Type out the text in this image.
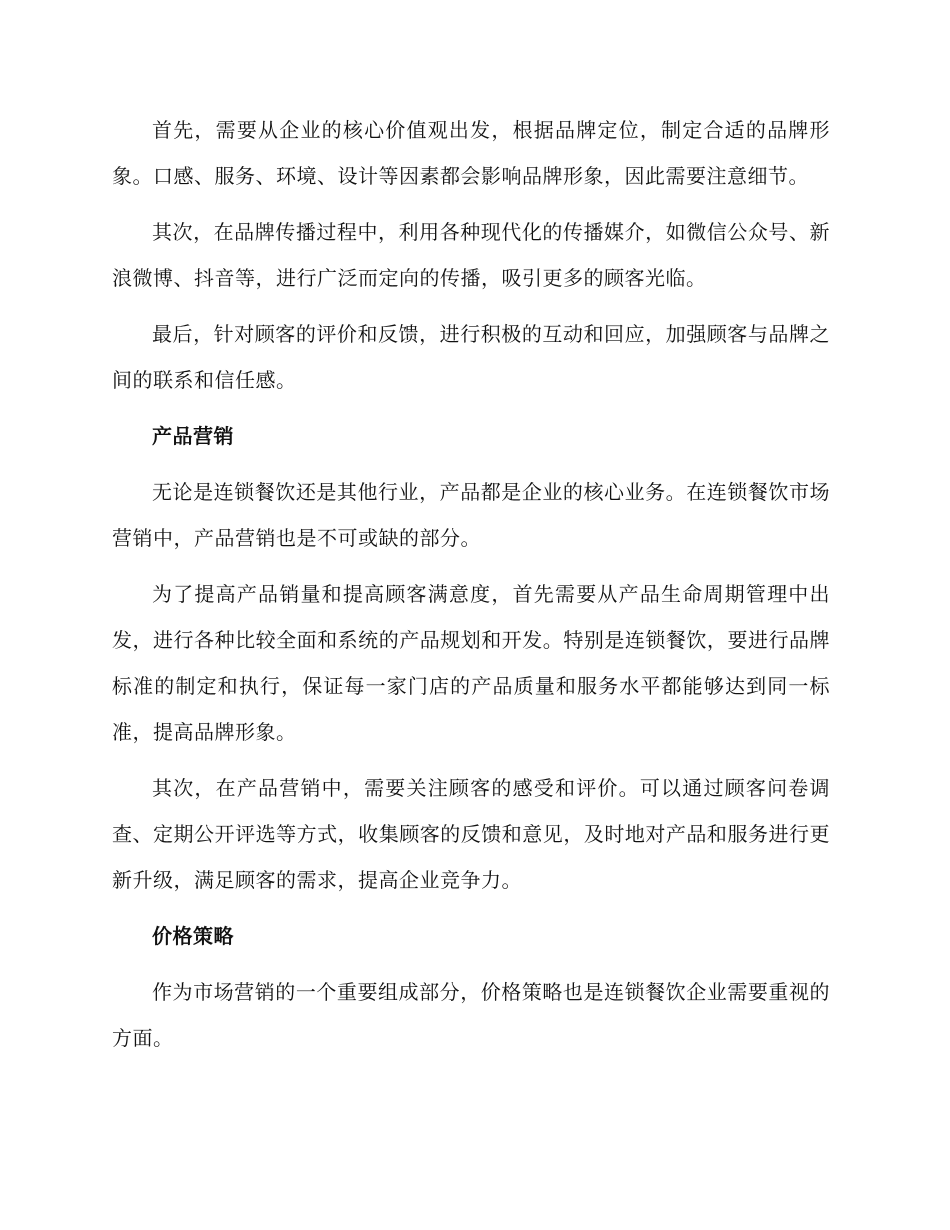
首先，需要从企业的核心价值观出发，根据品牌定位，制定合适的品牌形象。口感、服务、环境、设计等因素都会影响品牌形象，因此需要注意细节。

其次，在品牌传播过程中，利用各种现代化的传播媒介，如微信公众号、新浪微博、抖音等，进行广泛而定向的传播，吸引更多的顾客光临。

最后，针对顾客的评价和反馈，进行积极的互动和回应，加强顾客与品牌之间的联系和信任感。

产品营销

无论是连锁餐饮还是其他行业，产品都是企业的核心业务。在连锁餐饮市场营销中，产品营销也是不可或缺的部分。

为了提高产品销量和提高顾客满意度，首先需要从产品生命周期管理中出发，进行各种比较全面和系统的产品规划和开发。特别是连锁餐饮，要进行品牌标准的制定和执行，保证每一家门店的产品质量和服务水平都能够达到同一标准，提高品牌形象。

其次，在产品营销中，需要关注顾客的感受和评价。可以通过顾客问卷调查、定期公开评选等方式，收集顾客的反馈和意见，及时地对产品和服务进行更新升级，满足顾客的需求，提高企业竞争力。

价格策略

作为市场营销的一个重要组成部分，价格策略也是连锁餐饮企业需要重视的方面。
